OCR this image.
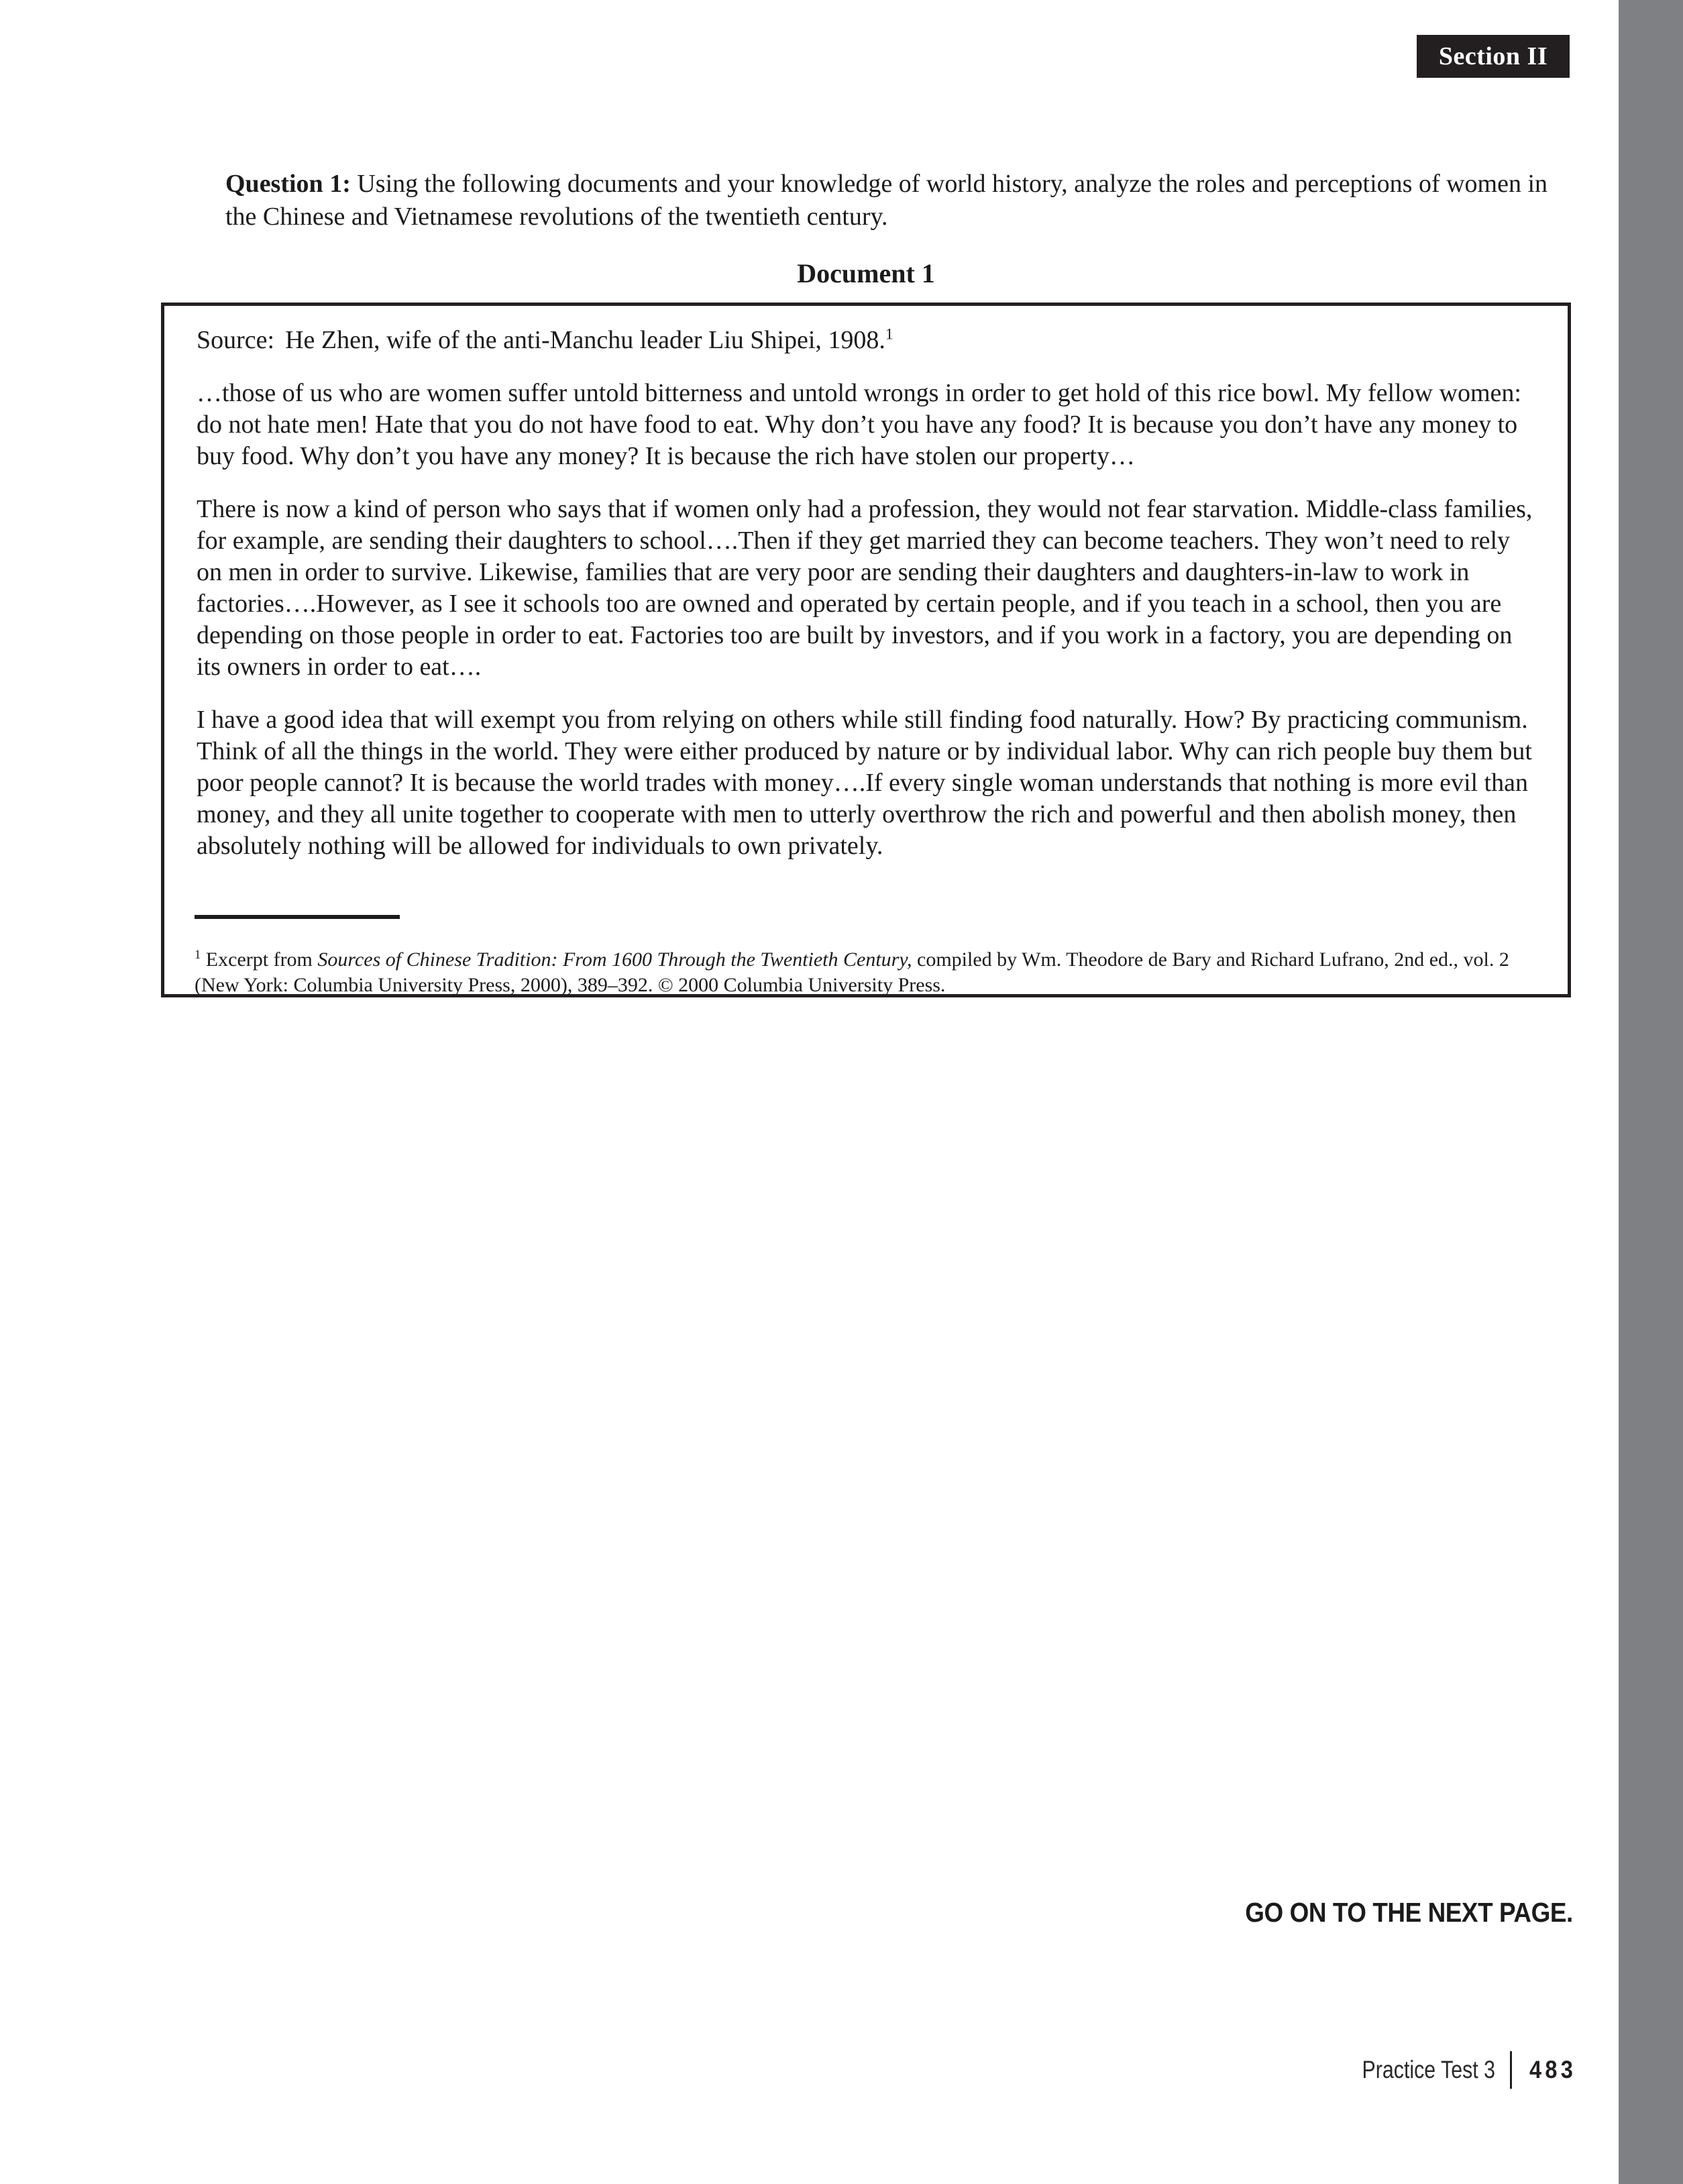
Section II

Question 1: Using the following documents and your knowledge of world history, analyze the roles and perceptions of women in the Chinese and Vietnamese revolutions of the twentieth century.

Document 1

Source: He Zhen, wife of the anti-Manchu leader Liu Shipei, 1908.$^1$

…those of us who are women suffer untold bitterness and untold wrongs in order to get hold of this rice bowl. My fellow women: do not hate men! Hate that you do not have food to eat. Why don’t you have any food? It is because you don’t have any money to buy food. Why don’t you have any money? It is because the rich have stolen our property…

There is now a kind of person who says that if women only had a profession, they would not fear starvation. Middle-class families, for example, are sending their daughters to school….Then if they get married they can become teachers. They won’t need to rely on men in order to survive. Likewise, families that are very poor are sending their daughters and daughters-in-law to work in factories….However, as I see it schools too are owned and operated by certain people, and if you teach in a school, then you are depending on those people in order to eat. Factories too are built by investors, and if you work in a factory, you are depending on its owners in order to eat….

I have a good idea that will exempt you from relying on others while still finding food naturally. How? By practicing communism. Think of all the things in the world. They were either produced by nature or by individual labor. Why can rich people buy them but poor people cannot? It is because the world trades with money….If every single woman understands that nothing is more evil than money, and they all unite together to cooperate with men to utterly overthrow the rich and powerful and then abolish money, then absolutely nothing will be allowed for individuals to own privately.

$^1$ Excerpt from Sources of Chinese Tradition: From 1600 Through the Twentieth Century, compiled by Wm. Theodore de Bary and Richard Lufrano, 2nd ed., vol. 2 (New York: Columbia University Press, 2000), 389–392. © 2000 Columbia University Press.

GO ON TO THE NEXT PAGE.
Practice Test 3 483
